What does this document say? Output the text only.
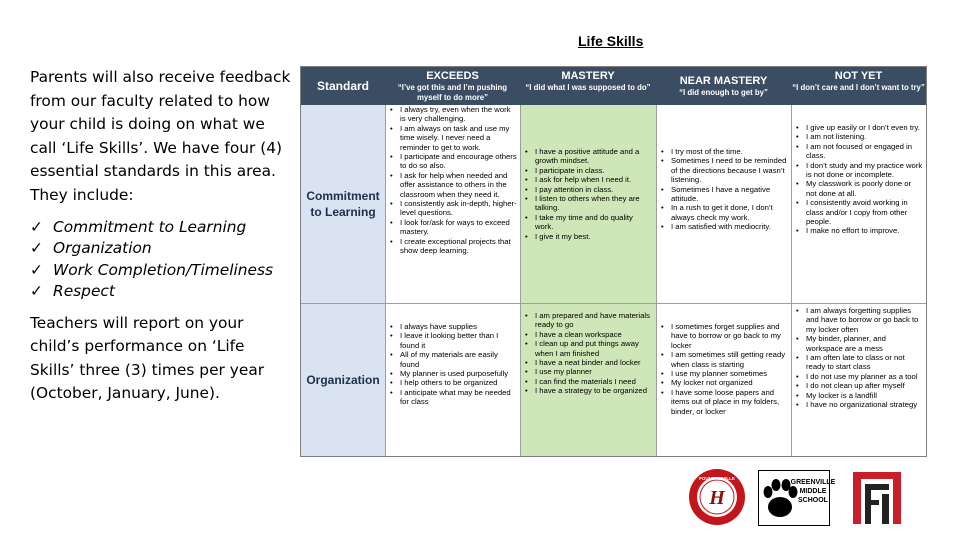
Parents will also receive feedback from our faculty related to how your child is doing on what we call ‘Life Skills’. We have four (4) essential standards in this area. They include:

✓ Commitment to Learning
✓ Organization
✓ Work Completion/Timeliness
✓ Respect

Teachers will report on your child’s performance on ‘Life Skills’ three (3) times per year (October, January, June).

Life Skills
Standard
EXCEEDS
“I’ve got this and I’m pushing myself to do more”
MASTERY
“I did what I was supposed to do”
NEAR MASTERY
“I did enough to get by”
NOT YET
“I don’t care and I don’t want to try”
Commitment to Learning
• I always try, even when the work is very challenging.
• I am always on task and use my time wisely. I never need a reminder to get to work.
• I participate and encourage others to do so also.
• I ask for help when needed and offer assistance to others in the classroom when they need it.
• I consistently ask in-depth, higher-level questions.
• I look for/ask for ways to exceed mastery.
• I create exceptional projects that show deep learning.
• I have a positive attitude and a growth mindset.
• I participate in class.
• I ask for help when I need it.
• I pay attention in class.
• I listen to others when they are talking.
• I take my time and do quality work.
• I give it my best.
• I try most of the time.
• Sometimes I need to be reminded of the directions because I wasn’t listening.
• Sometimes I have a negative attitude.
• In a rush to get it done, I don’t always check my work.
• I am satisfied with mediocrity.
• I give up easily or I don’t even try.
• I am not listening.
• I am not focused or engaged in class.
• I don’t study and my practice work is not done or incomplete.
• My classwork is poorly done or not done at all.
• I consistently avoid working in class and/or I copy from other people.
• I make no effort to improve.
Organization
• I always have supplies
• I leave it looking better than I found it
• All of my materials are easily found
• My planner is used purposefully
• I help others to be organized
• I anticipate what may be needed for class
• I am prepared and have materials ready to go
• I have a clean workspace
• I clean up and put things away when I am finished
• I have a neat binder and locker
• I use my planner
• I can find the materials I need
• I have a strategy to be organized
• I sometimes forget supplies and have to borrow or go back to my locker
• I am sometimes still getting ready when class is starting
• I use my planner sometimes
• My locker not organized
• I have some loose papers and items out of place in my folders, binder, or locker
• I am always forgetting supplies and have to borrow or go back to my locker often
• My binder, planner, and workspace are a mess
• I am often late to class or not ready to start class
• I do not use my planner as a tool
• I do not clean up after myself
• My locker is a landfill
• I have no organizational strategy
H
FOUNTAINVILLE
GREENVILLE
MIDDLE
SCHOOL
